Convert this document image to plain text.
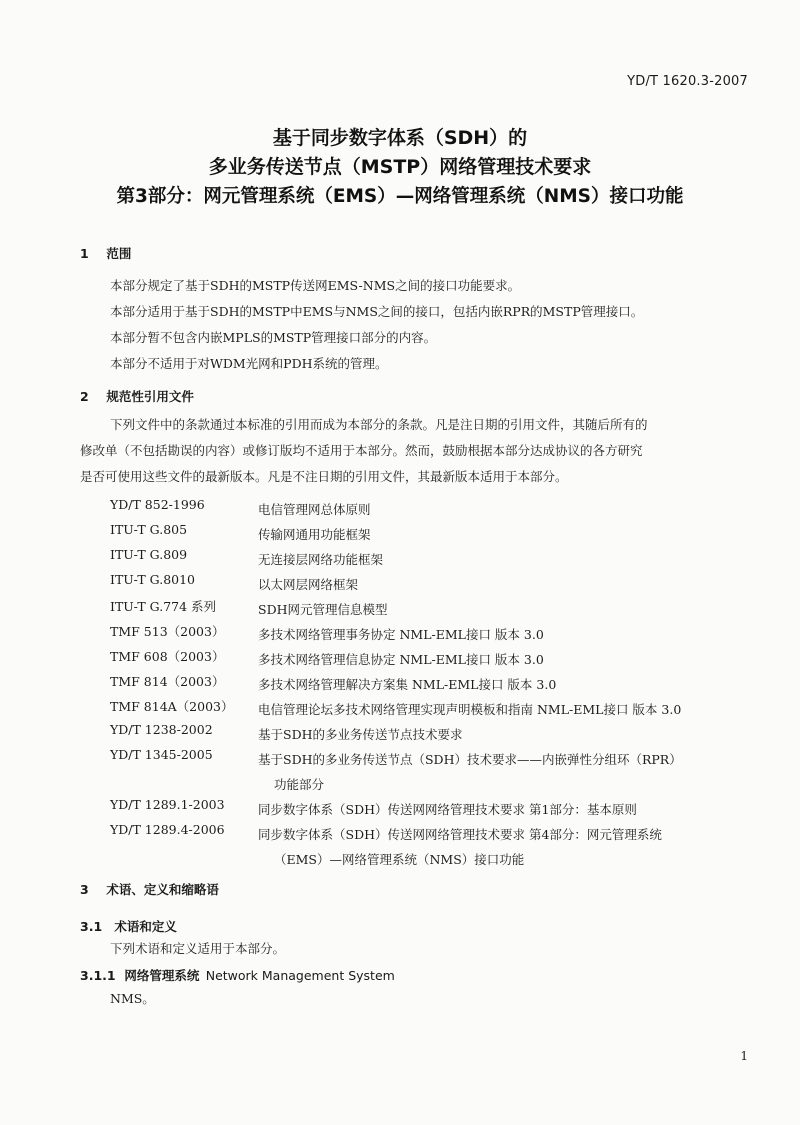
YD/T 1620.3-2007
基于同步数字体系（SDH）的
多业务传送节点（MSTP）网络管理技术要求
第3部分：网元管理系统（EMS）—网络管理系统（NMS）接口功能
1 范围
本部分规定了基于SDH的MSTP传送网EMS-NMS之间的接口功能要求。
本部分适用于基于SDH的MSTP中EMS与NMS之间的接口，包括内嵌RPR的MSTP管理接口。
本部分暂不包含内嵌MPLS的MSTP管理接口部分的内容。
本部分不适用于对WDM光网和PDH系统的管理。
2 规范性引用文件
下列文件中的条款通过本标准的引用而成为本部分的条款。凡是注日期的引用文件，其随后所有的
修改单（不包括勘误的内容）或修订版均不适用于本部分。然而，鼓励根据本部分达成协议的各方研究
是否可使用这些文件的最新版本。凡是不注日期的引用文件，其最新版本适用于本部分。
YD/T 852-1996	电信管理网总体原则
ITU-T G.805	传输网通用功能框架
ITU-T G.809	无连接层网络功能框架
ITU-T G.8010	以太网层网络框架
ITU-T G.774 系列	SDH网元管理信息模型
TMF 513（2003）	多技术网络管理事务协定 NML-EML接口 版本 3.0
TMF 608（2003）	多技术网络管理信息协定 NML-EML接口 版本 3.0
TMF 814（2003）	多技术网络管理解决方案集 NML-EML接口 版本 3.0
TMF 814A（2003）	电信管理论坛多技术网络管理实现声明模板和指南 NML-EML接口 版本 3.0
YD/T 1238-2002	基于SDH的多业务传送节点技术要求
YD/T 1345-2005	基于SDH的多业务传送节点（SDH）技术要求——内嵌弹性分组环（RPR）
功能部分
YD/T 1289.1-2003	同步数字体系（SDH）传送网网络管理技术要求 第1部分：基本原则
YD/T 1289.4-2006	同步数字体系（SDH）传送网网络管理技术要求 第4部分：网元管理系统
（EMS）—网络管理系统（NMS）接口功能
3 术语、定义和缩略语
3.1 术语和定义
下列术语和定义适用于本部分。
3.1.1 网络管理系统 Network Management System
NMS。
1
